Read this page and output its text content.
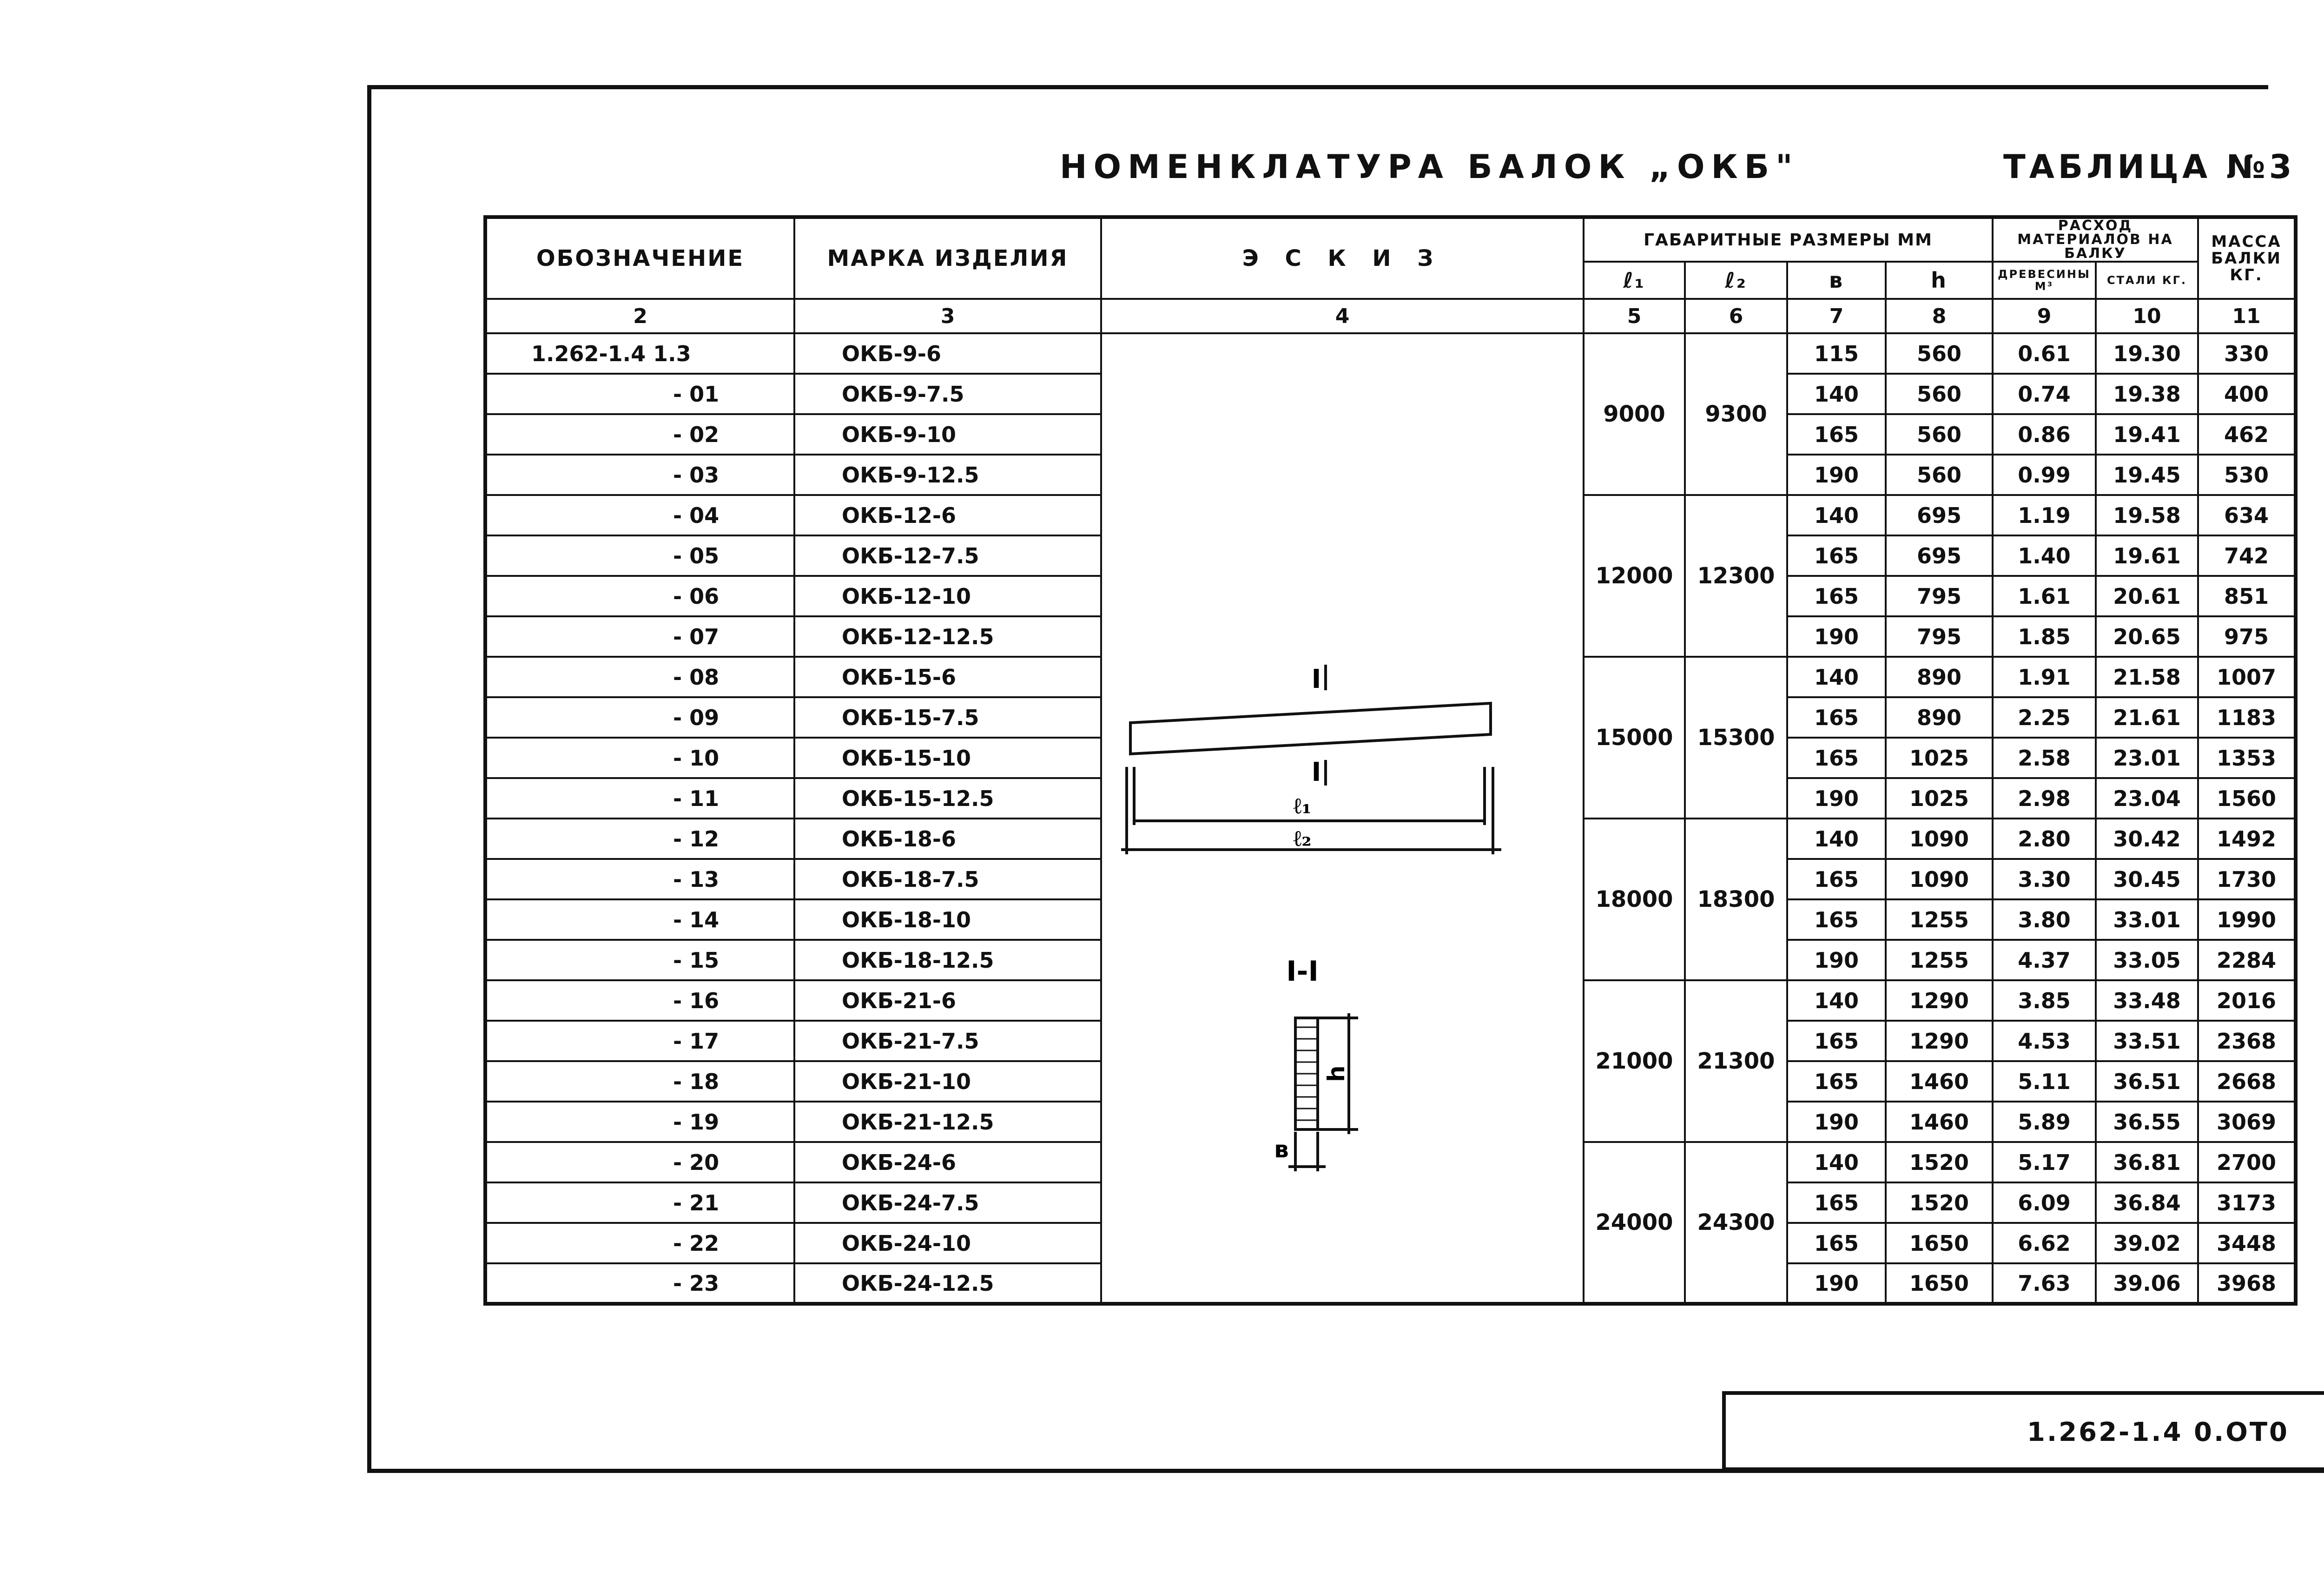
НОМЕНКЛАТУРА БАЛОК „ОКБ"	ТАБЛИЦА №3
ОБОЗНАЧЕНИЕ	МАРКА ИЗДЕЛИЯ	Э С К И З	ГАБАРИТНЫЕ РАЗМЕРЫ ММ				РАСХОД МАТЕРИАЛОВ НА БАЛКУ		МАССА БАЛКИ КГ.
			ℓ₁	ℓ₂	в	h	ДРЕВЕСИНЫ М³	СТАЛИ КГ.	
2	3	4	5	6	7	8	9	10	11
1.262-1.4 1.3	ОКБ-9-6		9000	9300	115	560	0.61	19.30	330
- 01	ОКБ-9-7.5				140	560	0.74	19.38	400
- 02	ОКБ-9-10				165	560	0.86	19.41	462
- 03	ОКБ-9-12.5				190	560	0.99	19.45	530
- 04	ОКБ-12-6		12000	12300	140	695	1.19	19.58	634
- 05	ОКБ-12-7.5				165	695	1.40	19.61	742
- 06	ОКБ-12-10				165	795	1.61	20.61	851
- 07	ОКБ-12-12.5				190	795	1.85	20.65	975
- 08	ОКБ-15-6		15000	15300	140	890	1.91	21.58	1007
- 09	ОКБ-15-7.5				165	890	2.25	21.61	1183
- 10	ОКБ-15-10				165	1025	2.58	23.01	1353
- 11	ОКБ-15-12.5				190	1025	2.98	23.04	1560
- 12	ОКБ-18-6		18000	18300	140	1090	2.80	30.42	1492
- 13	ОКБ-18-7.5				165	1090	3.30	30.45	1730
- 14	ОКБ-18-10				165	1255	3.80	33.01	1990
- 15	ОКБ-18-12.5				190	1255	4.37	33.05	2284
- 16	ОКБ-21-6		21000	21300	140	1290	3.85	33.48	2016
- 17	ОКБ-21-7.5				165	1290	4.53	33.51	2368
- 18	ОКБ-21-10				165	1460	5.11	36.51	2668
- 19	ОКБ-21-12.5				190	1460	5.89	36.55	3069
- 20	ОКБ-24-6		24000	24300	140	1520	5.17	36.81	2700
- 21	ОКБ-24-7.5				165	1520	6.09	36.84	3173
- 22	ОКБ-24-10				165	1650	6.62	39.02	3448
- 23	ОКБ-24-12.5				190	1650	7.63	39.06	3968
ℓ₁
ℓ₂
I
I
I-I
h
в
1.262-1.4 0.ОТ0
